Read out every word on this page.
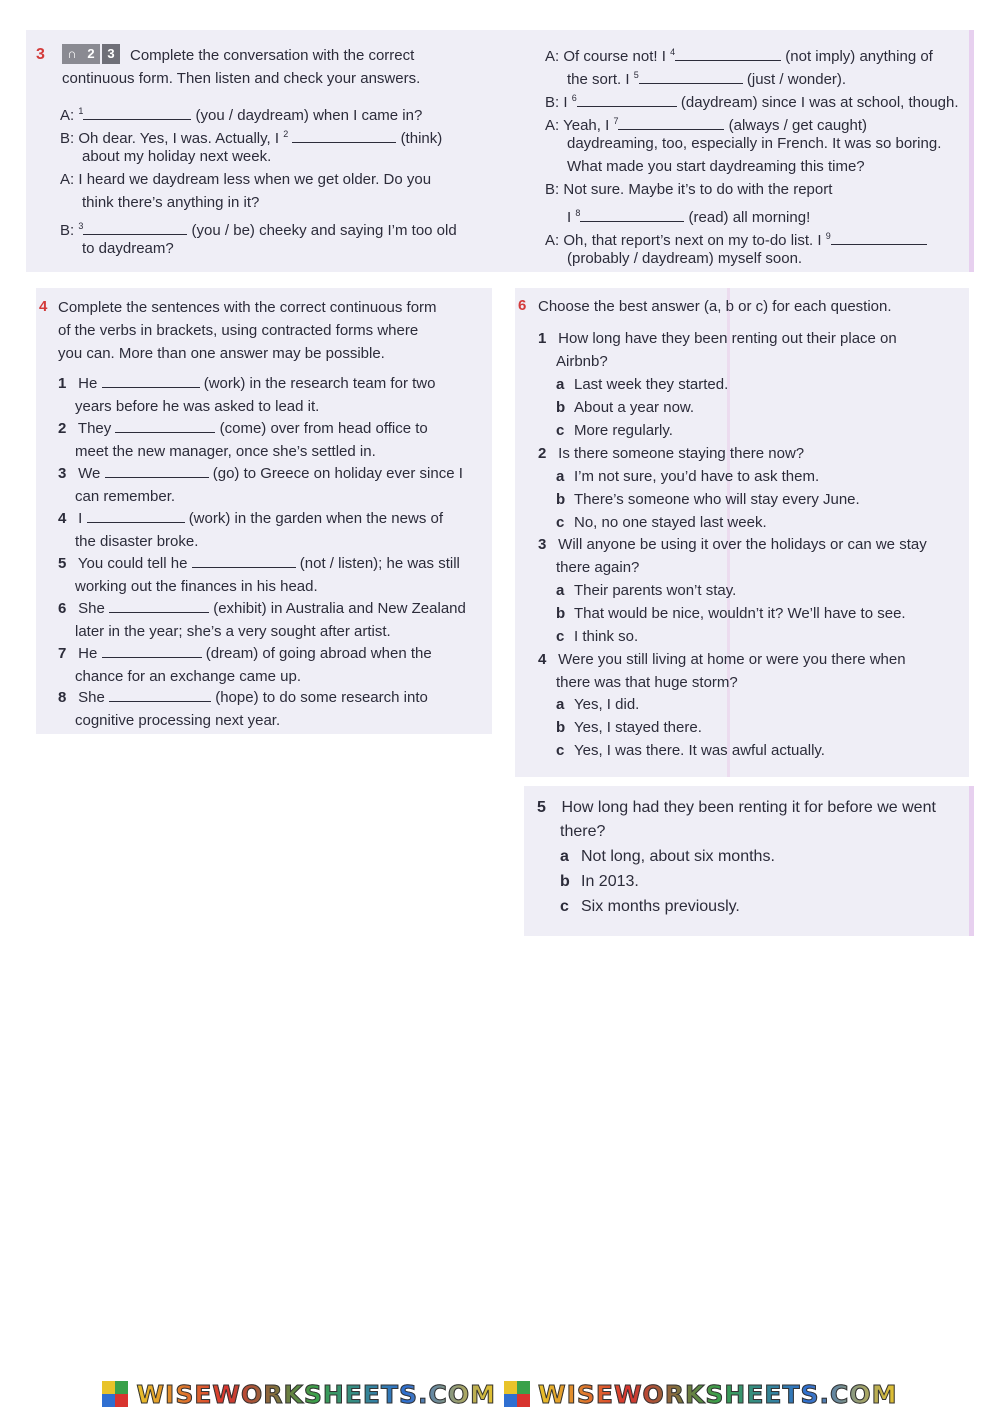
3	∩ 2 3	Complete the conversation with the correct
continuous form. Then listen and check your answers.
A: $^1$	(you / daydream) when I came in?
B: Oh dear. Yes, I was. Actually, I $^2$	(think)
about my holiday next week.
A: I heard we daydream less when we get older. Do you
think there’s anything in it?
B: $^3$	(you / be) cheeky and saying I’m too old
to daydream?
A: Of course not! I $^4$	(not imply) anything of
the sort. I $^5$	(just / wonder).
B: I $^6$	(daydream) since I was at school, though.
A: Yeah, I $^7$	(always / get caught)
daydreaming, too, especially in French. It was so boring.
What made you start daydreaming this time?
B: Not sure. Maybe it’s to do with the report
I $^8$	(read) all morning!
A: Oh, that report’s next on my to-do list. I $^9$
(probably / daydream) myself soon.
4 Complete the sentences with the correct continuous form
of the verbs in brackets, using contracted forms where
you can. More than one answer may be possible.
1 He	(work) in the research team for two
years before he was asked to lead it.
2 They	(come) over from head office to
meet the new manager, once she’s settled in.
3 We	(go) to Greece on holiday ever since I
can remember.
4 I	(work) in the garden when the news of
the disaster broke.
5 You could tell he	(not / listen); he was still
working out the finances in his head.
6 She	(exhibit) in Australia and New Zealand
later in the year; she’s a very sought after artist.
7 He	(dream) of going abroad when the
chance for an exchange came up.
8 She	(hope) to do some research into
cognitive processing next year.
6 Choose the best answer (a, b or c) for each question.
1 How long have they been renting out their place on
Airbnb?
a Last week they started.
b About a year now.
c More regularly.
2 Is there someone staying there now?
a I’m not sure, you’d have to ask them.
b There’s someone who will stay every June.
c No, no one stayed last week.
3 Will anyone be using it over the holidays or can we stay
there again?
a Their parents won’t stay.
b That would be nice, wouldn’t it? We’ll have to see.
c I think so.
4 Were you still living at home or were you there when
there was that huge storm?
a Yes, I did.
b Yes, I stayed there.
c Yes, I was there. It was awful actually.
5 How long had they been renting it for before we went
there?
a Not long, about six months.
b In 2013.
c Six months previously.
WISEWORKSHEETS.COM WISEWORKSHEETS.COM
